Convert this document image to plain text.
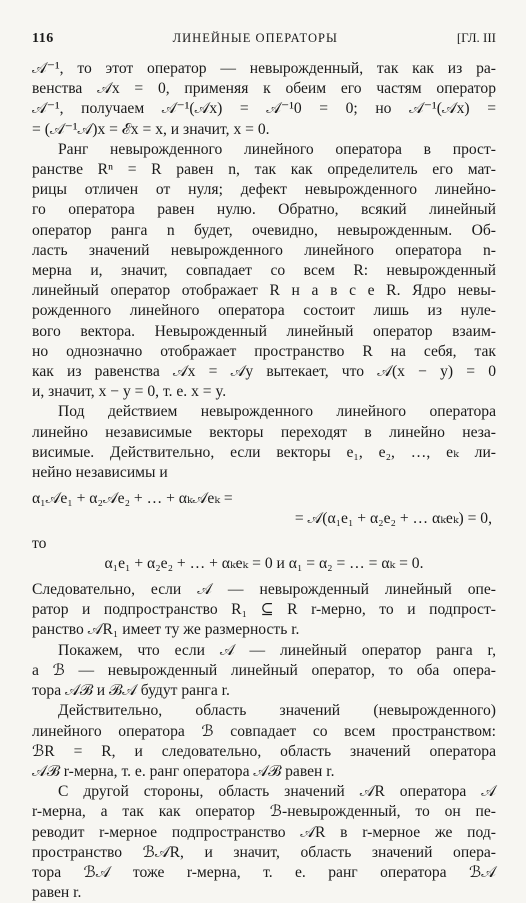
116	ЛИНЕЙНЫЕ ОПЕРАТОРЫ	[ГЛ. III
𝒜⁻¹, то этот оператор — невырожденный, так как из ра-
венства 𝒜x = 0, применяя к обеим его частям оператор
𝒜⁻¹, получаем 𝒜⁻¹(𝒜x) = 𝒜⁻¹0 = 0; но 𝒜⁻¹(𝒜x) =
= (𝒜⁻¹𝒜)x = ℰx = x, и значит, x = 0.
Ранг невырожденного линейного оператора в прост-
ранстве Rⁿ = R равен n, так как определитель его мат-
рицы отличен от нуля; дефект невырожденного линейно-
го оператора равен нулю. Обратно, всякий линейный
оператор ранга n будет, очевидно, невырожденным. Об-
ласть значений невырожденного линейного оператора n-
мерна и, значит, совпадает со всем R: невырожденный
линейный оператор отображает R н а в с е R. Ядро невы-
рожденного линейного оператора состоит лишь из нуле-
вого вектора. Невырожденный линейный оператор взаим-
но однозначно отображает пространство R на себя, так
как из равенства 𝒜x = 𝒜y вытекает, что 𝒜(x − y) = 0
и, значит, x − y = 0, т. е. x = y.
Под действием невырожденного линейного оператора
линейно независимые векторы переходят в линейно неза-
висимые. Действительно, если векторы e₁, e₂, …, eₖ ли-
нейно независимы и
α₁𝒜e₁ + α₂𝒜e₂ + … + αₖ𝒜eₖ =
= 𝒜(α₁e₁ + α₂e₂ + … αₖeₖ) = 0,
то
α₁e₁ + α₂e₂ + … + αₖeₖ = 0 и α₁ = α₂ = … = αₖ = 0.
Следовательно, если 𝒜 — невырожденный линейный опе-
ратор и подпространство R₁ ⊆ R r-мерно, то и подпрост-
ранство 𝒜R₁ имеет ту же размерность r.
Покажем, что если 𝒜 — линейный оператор ранга r,
а ℬ — невырожденный линейный оператор, то оба опера-
тора 𝒜ℬ и ℬ𝒜 будут ранга r.
Действительно, область значений (невырожденного)
линейного оператора ℬ совпадает со всем пространством:
ℬR = R, и следовательно, область значений оператора
𝒜ℬ r-мерна, т. е. ранг оператора 𝒜ℬ равен r.
С другой стороны, область значений 𝒜R оператора 𝒜
r-мерна, а так как оператор ℬ-невырожденный, то он пе-
реводит r-мерное подпространство 𝒜R в r-мерное же под-
пространство ℬ𝒜R, и значит, область значений опера-
тора ℬ𝒜 тоже r-мерна, т. е. ранг оператора ℬ𝒜
равен r.
